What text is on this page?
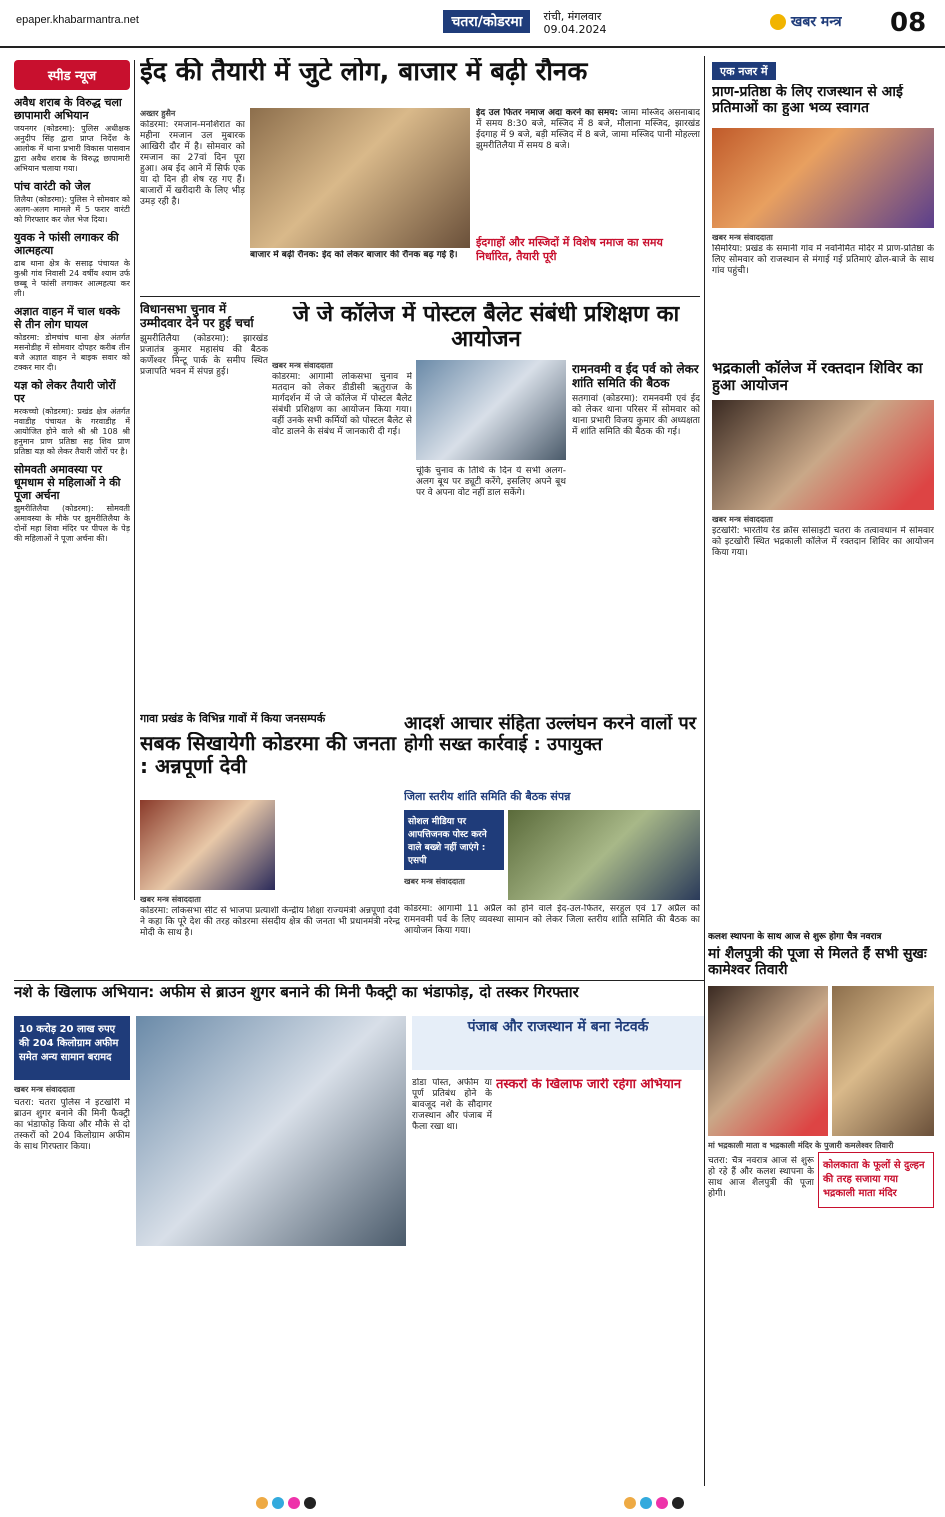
epaper.khabarmantra.net	चतरा/कोडरमा रांची, मंगलवार
09.04.2024	खबर मन्त्र 08
स्पीड न्यूज
अवैध शराब के विरुद्ध चला छापामारी अभियान
जयनगर (कोडरमा): पुलिस अधीक्षक अनुदीप सिंह द्वारा प्राप्त निर्देश के आलोक में थाना प्रभारी विकास पासवान द्वारा अवैध शराब के विरुद्ध छापामारी अभियान चलाया गया।
पांच वारंटी को जेल
तिलैया (कोडरमा): पुलिस ने सोमवार को अलग-अलग मामले में 5 फरार वारंटी को गिरफ्तार कर जेल भेज दिया।
युवक ने फांसी लगाकर की आत्महत्या
ढाब थाना क्षेत्र के ससाढ़ पंचायत के कुश्री गांव निवासी 24 वर्षीय श्याम उर्फ छब्बू ने फांसी लगाकर आत्महत्या कर ली।
अज्ञात वाहन में चाल धक्के से तीन लोग घायल
कोडरमा: डोमचांच थाना क्षेत्र अंतर्गत मसनोडीह में सोमवार दोपहर करीब तीन बजे अज्ञात वाहन ने बाइक सवार को टक्कर मार दी।
यज्ञ को लेकर तैयारी जोरों पर
मरकच्चो (कोडरमा): प्रखंड क्षेत्र अंतर्गत नवाडीह पंचायत के गरवाडीह में आयोजित होने वाले श्री श्री 108 श्री हनुमान प्राण प्रतिष्ठा सह शिव प्राण प्रतिष्ठा यज्ञ को लेकर तैयारी जोरों पर है।
सोमवती अमावस्या पर धूमधाम से महिलाओं ने की पूजा अर्चना
झुमरीतिलैया (कोडरमा): सोमवती अमावस्या के मौके पर झुमरीतिलैया के दोनों महा शिवा मंदिर पर पीपल के पेड़ की महिलाओं ने पूजा अर्चना की।
ईद की तैयारी में जुटे लोग, बाजार में बढ़ी रौनक
अख्तर हुसैन
कोडरमा: रमजान-मनशिरात का महीना रमजान उल मुबारक आखिरी दौर में है। सोमवार को रमजान का 27वां दिन पूरा हुआ। अब ईद आने में सिर्फ एक या दो दिन ही शेष रह गए हैं। बाजारों में खरीदारी के लिए भीड़ उमड़ रही है।
बाजार में बढ़ी रौनक: ईद को लेकर बाजार की रौनक बढ़ गई है।
ईद उल फितर नमाज अदा करने का समय: जामा मस्जिद असनाबाद में समय 8:30 बजे, मस्जिद में 8 बजे, मौलाना मस्जिद, झारखंड ईदगाह में 9 बजे, बड़ी मस्जिद में 8 बजे, जामा मस्जिद पानी मोहल्ला झुमरीतिलैया में समय 8 बजे।
ईदगाहों और मस्जिदों में विशेष नमाज का समय निर्धारित, तैयारी पूरी
विधानसभा चुनाव में उम्मीदवार देने पर हुई चर्चा
झुमरीतिलैया (कोडरमा): झारखंड प्रजातंत्र कुमार महासंघ की बैठक कर्णेश्वर मिन्टू पार्क के समीप स्थित प्रजापति भवन में संपन्न हुई।
जे जे कॉलेज में पोस्टल बैलेट संबंधी प्रशिक्षण का आयोजन
खबर मन्त्र संवाददाता
कोडरमा: आगामी लोकसभा चुनाव में मतदान को लेकर डीडीसी ऋतुराज के मार्गदर्शन में जे जे कॉलेज में पोस्टल बैलेट संबंधी प्रशिक्षण का आयोजन किया गया। वहीं उनके सभी कर्मियों को पोस्टल बैलेट से वोट डालने के संबंध में जानकारी दी गई।
चूंकि चुनाव के तिथि के दिन ये सभी अलग-अलग बूथ पर ड्यूटी करेंगे, इसलिए अपने बूथ पर वे अपना वोट नहीं डाल सकेंगे।
रामनवमी व ईद पर्व को लेकर शांति समिति की बैठक
सतगावां (कोडरमा): रामनवमी एवं ईद को लेकर थाना परिसर में सोमवार को थाना प्रभारी विजय कुमार की अध्यक्षता में शांति समिति की बैठक की गई।
गावा प्रखंड के विभिन्न गावों में किया जनसम्पर्क
सबक सिखायेगी कोडरमा की जनता : अन्नपूर्णा देवी
खबर मन्त्र संवाददाता
कोडरमा: लोकसभा सीट से भाजपा प्रत्याशी केन्द्रीय शिक्षा राज्यमंत्री अन्नपूर्णा देवी ने कहा कि पूरे देश की तरह कोडरमा संसदीय क्षेत्र की जनता भी प्रधानमंत्री नरेन्द्र मोदी के साथ है।
आदर्श आचार संहिता उल्लंघन करने वालों पर होगी सख्त कार्रवाई : उपायुक्त
जिला स्तरीय शांति समिति की बैठक संपन्न
सोशल मीडिया पर आपत्तिजनक पोस्ट करने वाले बख्शे नहीं जाएंगे : एसपी
खबर मन्त्र संवाददाता
कोडरमा: आगामी 11 अप्रैल को होने वाले ईद-उल-फितर, सरहुल एवं 17 अप्रैल को रामनवमी पर्व के लिए व्यवस्था सामान को लेकर जिला स्तरीय शांति समिति की बैठक का आयोजन किया गया।
एक नजर में
प्राण-प्रतिष्ठा के लिए राजस्थान से आई प्रतिमाओं का हुआ भव्य स्वागत
खबर मन्त्र संवाददाता
सिमरिया: प्रखंड के समानी गांव में नवनिर्मित मंदिर में प्राण-प्रतिष्ठा के लिए सोमवार को राजस्थान से मंगाई गई प्रतिमाएं ढोल-बाजे के साथ गांव पहुंची।
भद्रकाली कॉलेज में रक्तदान शिविर का हुआ आयोजन
खबर मन्त्र संवाददाता
इटखोरी: भारतीय रेड क्रॉस सोसाइटी चतरा के तत्वावधान में सोमवार को इटखोरी स्थित भद्रकाली कॉलेज में रक्तदान शिविर का आयोजन किया गया।
कलश स्थापना के साथ आज से शुरू होगा चैत्र नवरात्र
मां शैलपुत्री की पूजा से मिलते हैं सभी सुखः कामेश्वर तिवारी
मां भद्रकाली माता व भद्रकाली मंदिर के पुजारी कमलेश्वर तिवारी
कोलकाता के फूलों से दुल्हन की तरह सजाया गया भद्रकाली माता मंदिर
चतरा: चैत्र नवरात्र आज से शुरू हो रहे हैं और कलश स्थापना के साथ आज शैलपुत्री की पूजा होगी।
नशे के खिलाफ अभियान: अफीम से ब्राउन शुगर बनाने की मिनी फैक्ट्री का भंडाफोड़, दो तस्कर गिरफ्तार
10 करोड़ 20 लाख रुपए की 204 किलोग्राम अफीम समेत अन्य सामान बरामद
खबर मन्त्र संवाददाता
चतरा: चतरा पुलिस ने इटखोरी में ब्राउन शुगर बनाने की मिनी फैक्ट्री का भंडाफोड़ किया और मौके से दो तस्करों को 204 किलोग्राम अफीम के साथ गिरफ्तार किया।
पंजाब और राजस्थान में बना नेटवर्क
डोडा पोस्त, अफीम या पूर्ण प्रतिबंध होने के बावजूद नशे के सौदागर राजस्थान और पंजाब में फैला रखा था।
तस्करों के खिलाफ जारी रहेगा अभियान
